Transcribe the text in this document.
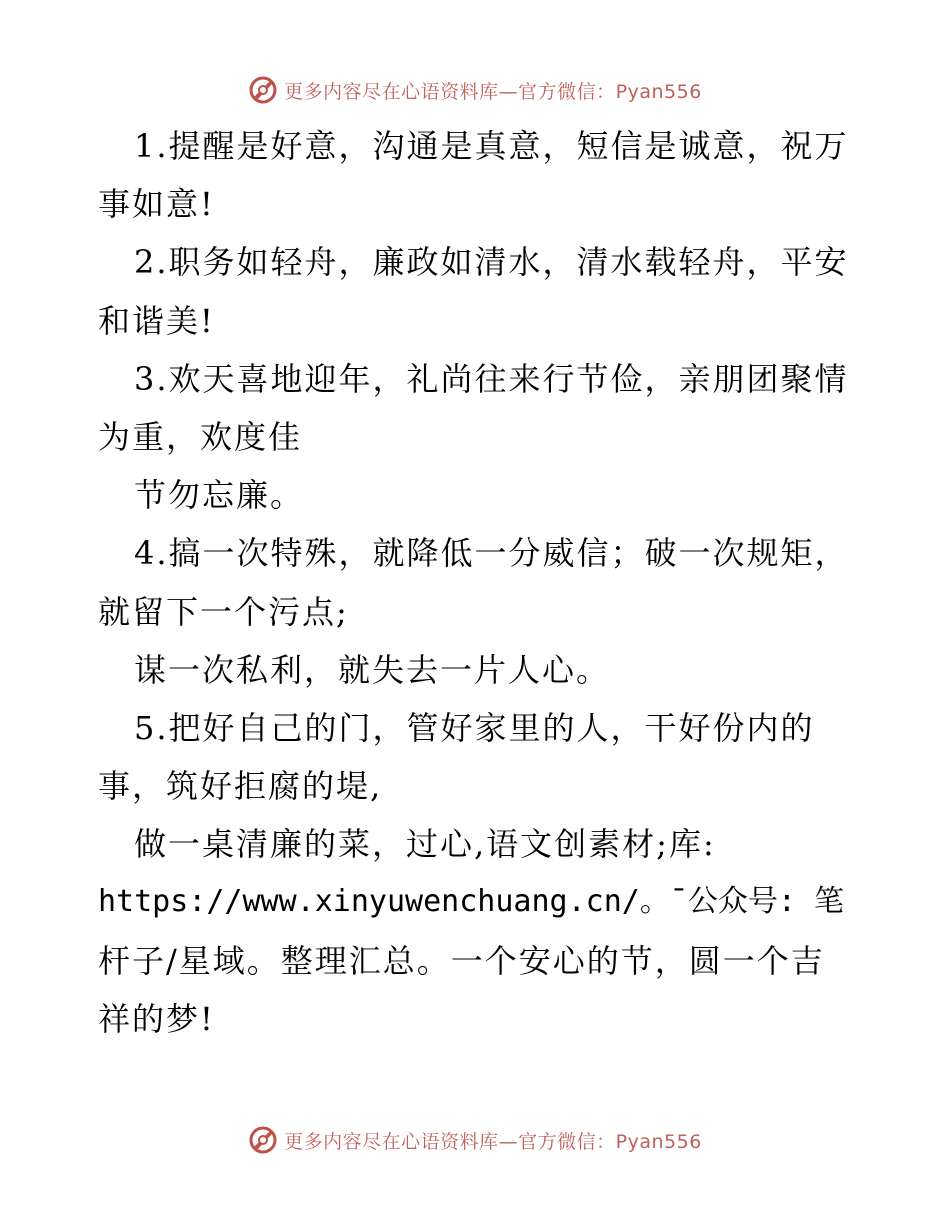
更多内容尽在心语资料库—官方微信：Pyan556
1.提醒是好意，沟通是真意，短信是诚意，祝万
事如意!
2.职务如轻舟，廉政如清水，清水载轻舟，平安
和谐美!
3.欢天喜地迎年，礼尚往来行节俭，亲朋团聚情
为重，欢度佳
节勿忘廉。
4.搞一次特殊，就降低一分威信；破一次规矩，
就留下一个污点;
谋一次私利，就失去一片人心。
5.把好自己的门，管好家里的人，干好份内的
事，筑好拒腐的堤,
做一桌清廉的菜，过心,语文创素材;库:
https://www.xinyuwenchuang.cn/。¯公众号: 笔
杆子/星域。整理汇总。一个安心的节，圆一个吉
祥的梦!
更多内容尽在心语资料库—官方微信：Pyan556
